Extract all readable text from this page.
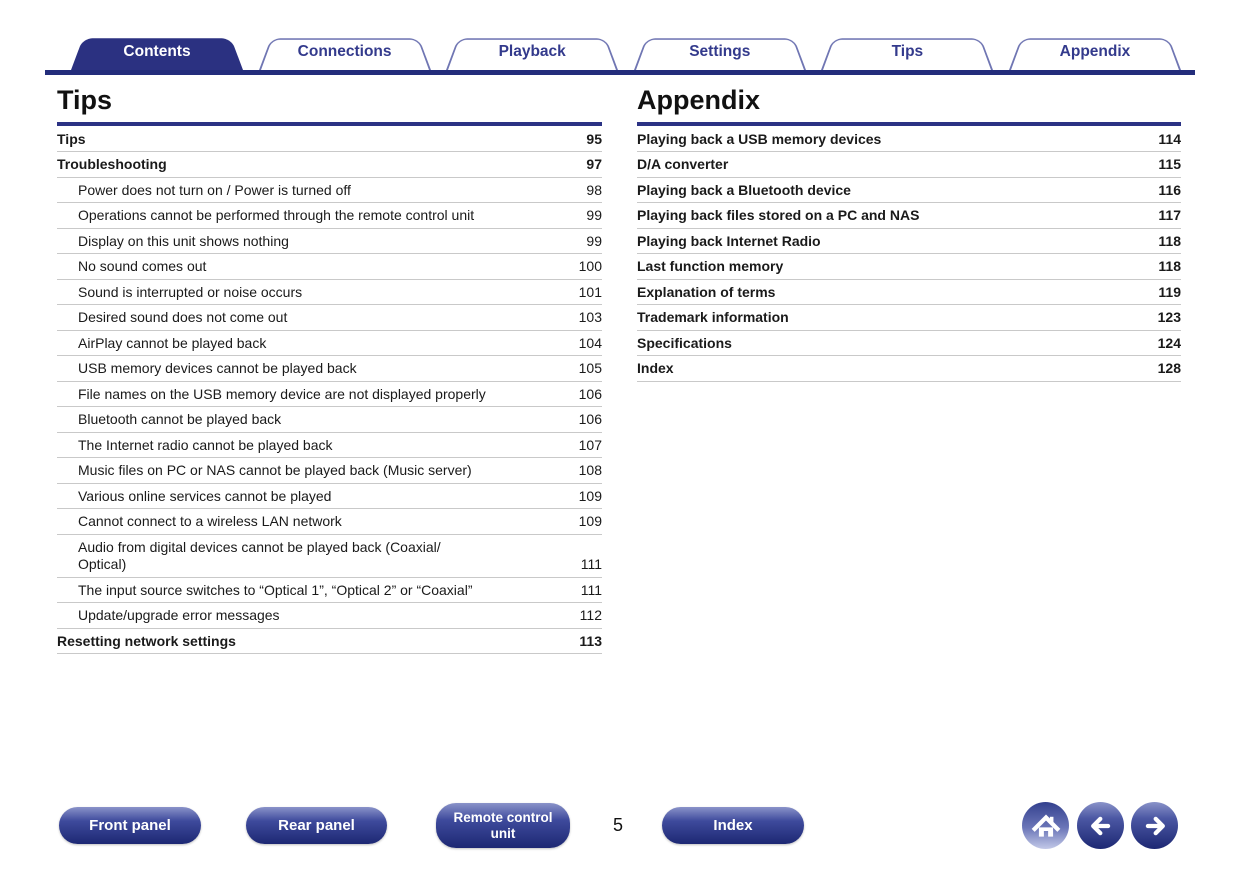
Contents	Connections	Playback	Settings	Tips	Appendix
Tips
Tips	95
Troubleshooting	97
Power does not turn on / Power is turned off	98
Operations cannot be performed through the remote control unit	99
Display on this unit shows nothing	99
No sound comes out	100
Sound is interrupted or noise occurs	101
Desired sound does not come out	103
AirPlay cannot be played back	104
USB memory devices cannot be played back	105
File names on the USB memory device are not displayed properly	106
Bluetooth cannot be played back	106
The Internet radio cannot be played back	107
Music files on PC or NAS cannot be played back (Music server)	108
Various online services cannot be played	109
Cannot connect to a wireless LAN network	109
Audio from digital devices cannot be played back (Coaxial/
Optical)	111
The input source switches to “Optical 1”, “Optical 2” or “Coaxial”	111
Update/upgrade error messages	112
Resetting network settings	113
Appendix
Playing back a USB memory devices	114
D/A converter	115
Playing back a Bluetooth device	116
Playing back files stored on a PC and NAS	117
Playing back Internet Radio	118
Last function memory	118
Explanation of terms	119
Trademark information	123
Specifications	124
Index	128
Front panel	Rear panel	Remote control unit	5	Index
